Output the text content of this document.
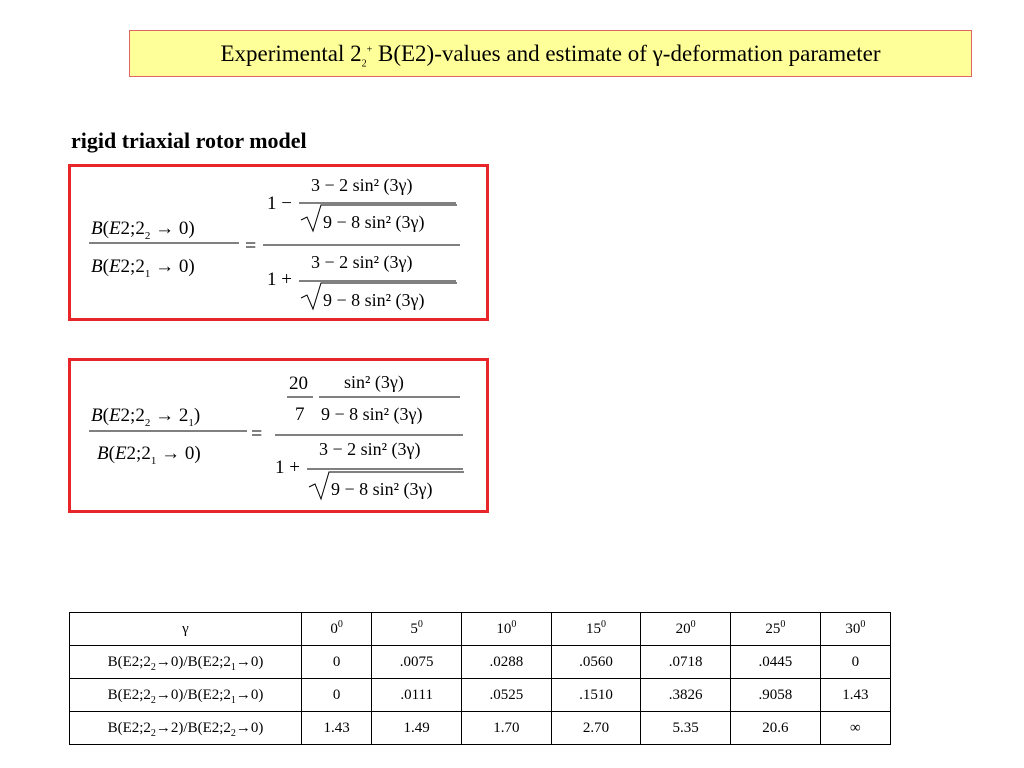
Experimental $2_2^+$ B(E2)-values and estimate of γ-deformation parameter
rigid triaxial rotor model
$B(E2;2_2 \to 0)$
$B(E2;2_1 \to 0)$
=
1 −
3 − 2 sin² (3γ)
9 − 8 sin² (3γ)
1 +
3 − 2 sin² (3γ)
9 − 8 sin² (3γ)
$B(E2;2_2 \to 2_1)$
$B(E2;2_1 \to 0)$
=
20
7
sin² (3γ)
9 − 8 sin² (3γ)
1 +
3 − 2 sin² (3γ)
9 − 8 sin² (3γ)
γ	$0^0$	$5^0$	$10^0$	$15^0$	$20^0$	$25^0$	$30^0$
$B(E2;2_2\to 0)/B(E2;2_1\to 0)$	0	.0075	.0288	.0560	.0718	.0445	0
$B(E2;2_2\to 0)/B(E2;2_1\to 0)$	0	.0111	.0525	.1510	.3826	.9058	1.43
$B(E2;2_2\to 2)/B(E2;2_2\to 0)$	1.43	1.49	1.70	2.70	5.35	20.6	∞
